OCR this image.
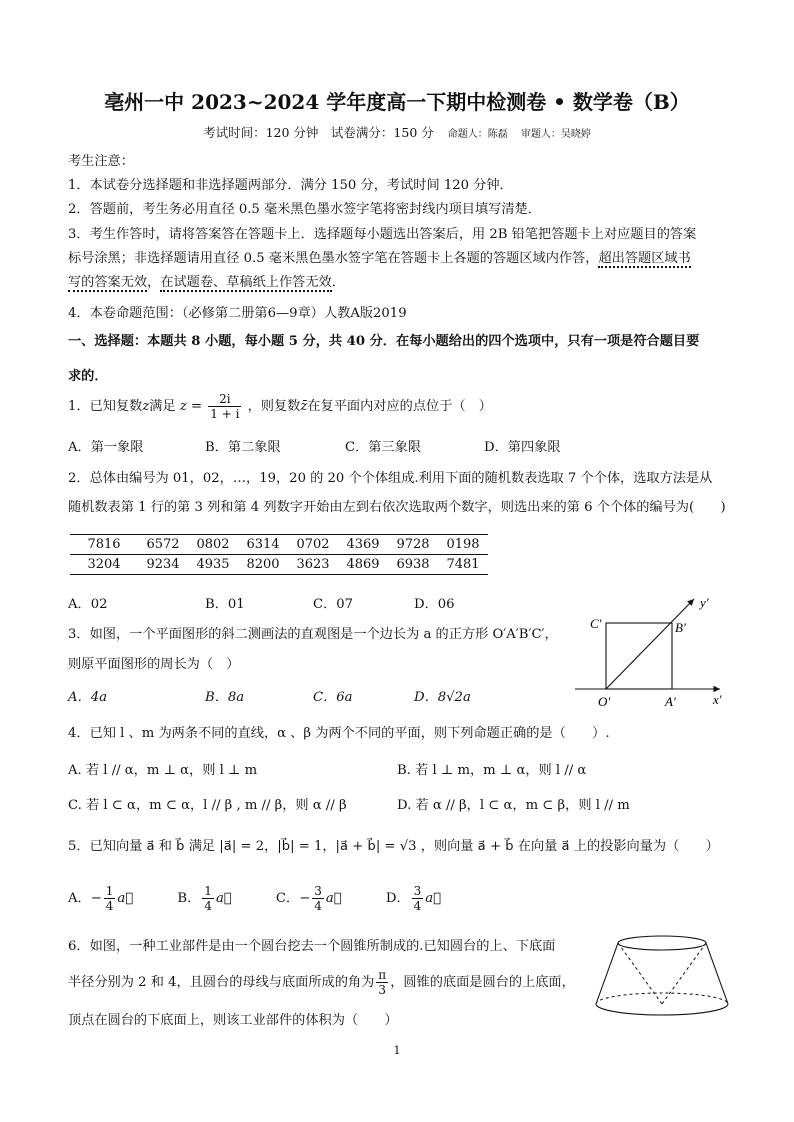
亳州一中 2023~2024 学年度高一下期中检测卷 • 数学卷（B）
考试时间：120 分钟　试卷满分：150 分 命题人：陈磊　 审题人：吴晓婷
考生注意：
1．本试卷分选择题和非选择题两部分．满分 150 分，考试时间 120 分钟．
2．答题前，考生务必用直径 0.5 毫米黑色墨水签字笔将密封线内项目填写清楚．
3．考生作答时，请将答案答在答题卡上．选择题每小题选出答案后，用 2B 铅笔把答题卡上对应题目的答案
标号涂黑；非选择题请用直径 0.5 毫米黑色墨水签字笔在答题卡上各题的答题区域内作答，超出答题区域书
写的答案无效，在试题卷、草稿纸上作答无效．
4．本卷命题范围：（必修第二册第6—9章）人教A版2019
一、选择题：本题共 8 小题，每小题 5 分，共 40 分．在每小题给出的四个选项中，只有一项是符合题目要
求的．
1．已知复数z满足 $z = \frac{2i}{1 + i}$ ，则复数z̄在复平面内对应的点位于（　）
A．第一象限	B．第二象限	C．第三象限	D．第四象限
2．总体由编号为 01，02，…，19，20 的 20 个个体组成.利用下面的随机数表选取 7 个个体，选取方法是从
随机数表第 1 行的第 3 列和第 4 列数字开始由左到右依次选取两个数字，则选出来的第 6 个个体的编号为(　　)
7816	6572	0802	6314	0702	4369	9728	0198
3204	9234	4935	8200	3623	4869	6938	7481
A．02	B．01	C．07	D．06
3．如图，一个平面图形的斜二测画法的直观图是一个边长为 a 的正方形 O′A′B′C′，
则原平面图形的周长为（　）
A．4a	B．8a	C．6a	D．8√2a
C′	B′
O′	A′	x′
y′
4．已知 l 、m 为两条不同的直线，α 、β 为两个不同的平面，则下列命题正确的是（　　）.
A. 若 l // α，m ⊥ α，则 l ⊥ m	B. 若 l ⊥ m，m ⊥ α，则 l // α
C. 若 l ⊂ α，m ⊂ α，l // β , m // β，则 α // β	D. 若 α // β，l ⊂ α，m ⊂ β，则 l // m
5．已知向量 a⃗ 和 b⃗ 满足 |a⃗| = 2，|b⃗| = 1，|a⃗ + b⃗| = √3 ，则向量 a⃗ + b⃗ 在向量 a⃗ 上的投影向量为（　　）
A．− $\frac{1}{4}$ a⃗	B． $\frac{1}{4}$ a⃗	C．− $\frac{3}{4}$ a⃗	D． $\frac{3}{4}$ a⃗
6．如图，一种工业部件是由一个圆台挖去一个圆锥所制成的.已知圆台的上、下底面
半径分别为 2 和 4，且圆台的母线与底面所成的角为 $\frac{\pi}{3}$ ，圆锥的底面是圆台的上底面，
顶点在圆台的下底面上，则该工业部件的体积为（　　）
1
